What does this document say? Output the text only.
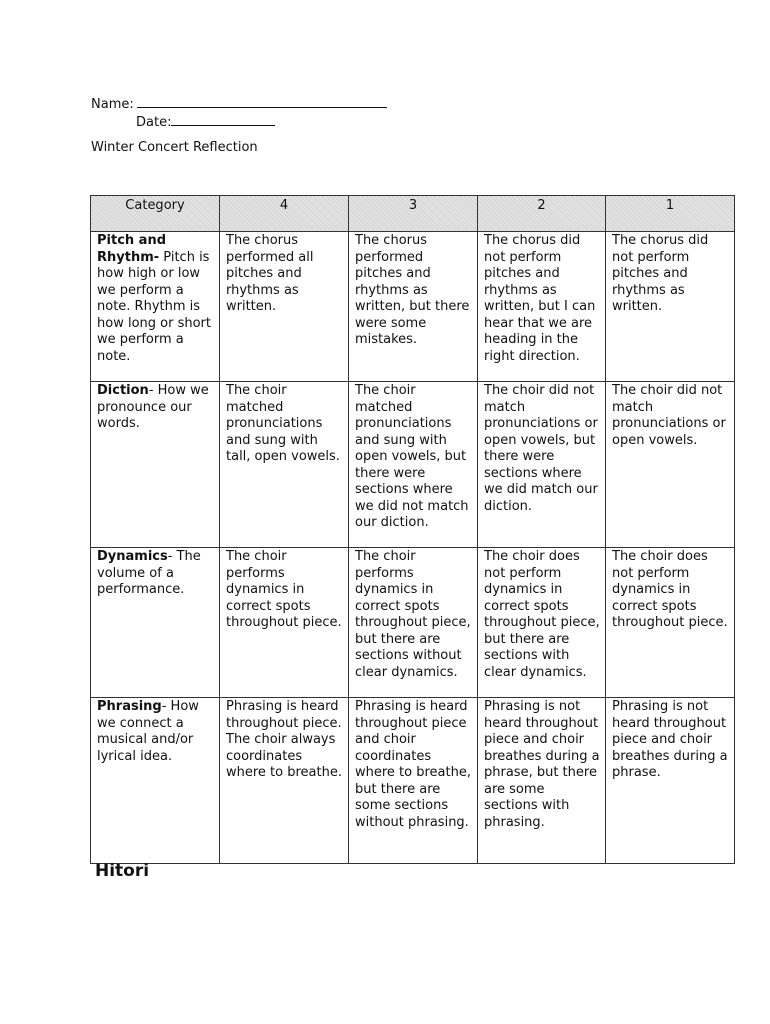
Name:
Date:
Winter Concert Reflection
Category	4	3	2	1
Pitch and Rhythm- Pitch is how high or low we perform a note. Rhythm is how long or short we perform a note.	The chorus performed all pitches and rhythms as written.	The chorus performed pitches and rhythms as written, but there were some mistakes.	The chorus did not perform pitches and rhythms as written, but I can hear that we are heading in the right direction.	The chorus did not perform pitches and rhythms as written.
Diction- How we pronounce our words.	The choir matched pronunciations and sung with tall, open vowels.	The choir matched pronunciations and sung with open vowels, but there were sections where we did not match our diction.	The choir did not match pronunciations or open vowels, but there were sections where we did match our diction.	The choir did not match pronunciations or open vowels.
Dynamics- The volume of a performance.	The choir performs dynamics in correct spots throughout piece.	The choir performs dynamics in correct spots throughout piece, but there are sections without clear dynamics.	The choir does not perform dynamics in correct spots throughout piece, but there are sections with clear dynamics.	The choir does not perform dynamics in correct spots throughout piece.
Phrasing- How we connect a musical and/or lyrical idea.	Phrasing is heard throughout piece. The choir always coordinates where to breathe.	Phrasing is heard throughout piece and choir coordinates where to breathe, but there are some sections without phrasing.	Phrasing is not heard throughout piece and choir breathes during a phrase, but there are some sections with phrasing.	Phrasing is not heard throughout piece and choir breathes during a phrase.
Hitori
